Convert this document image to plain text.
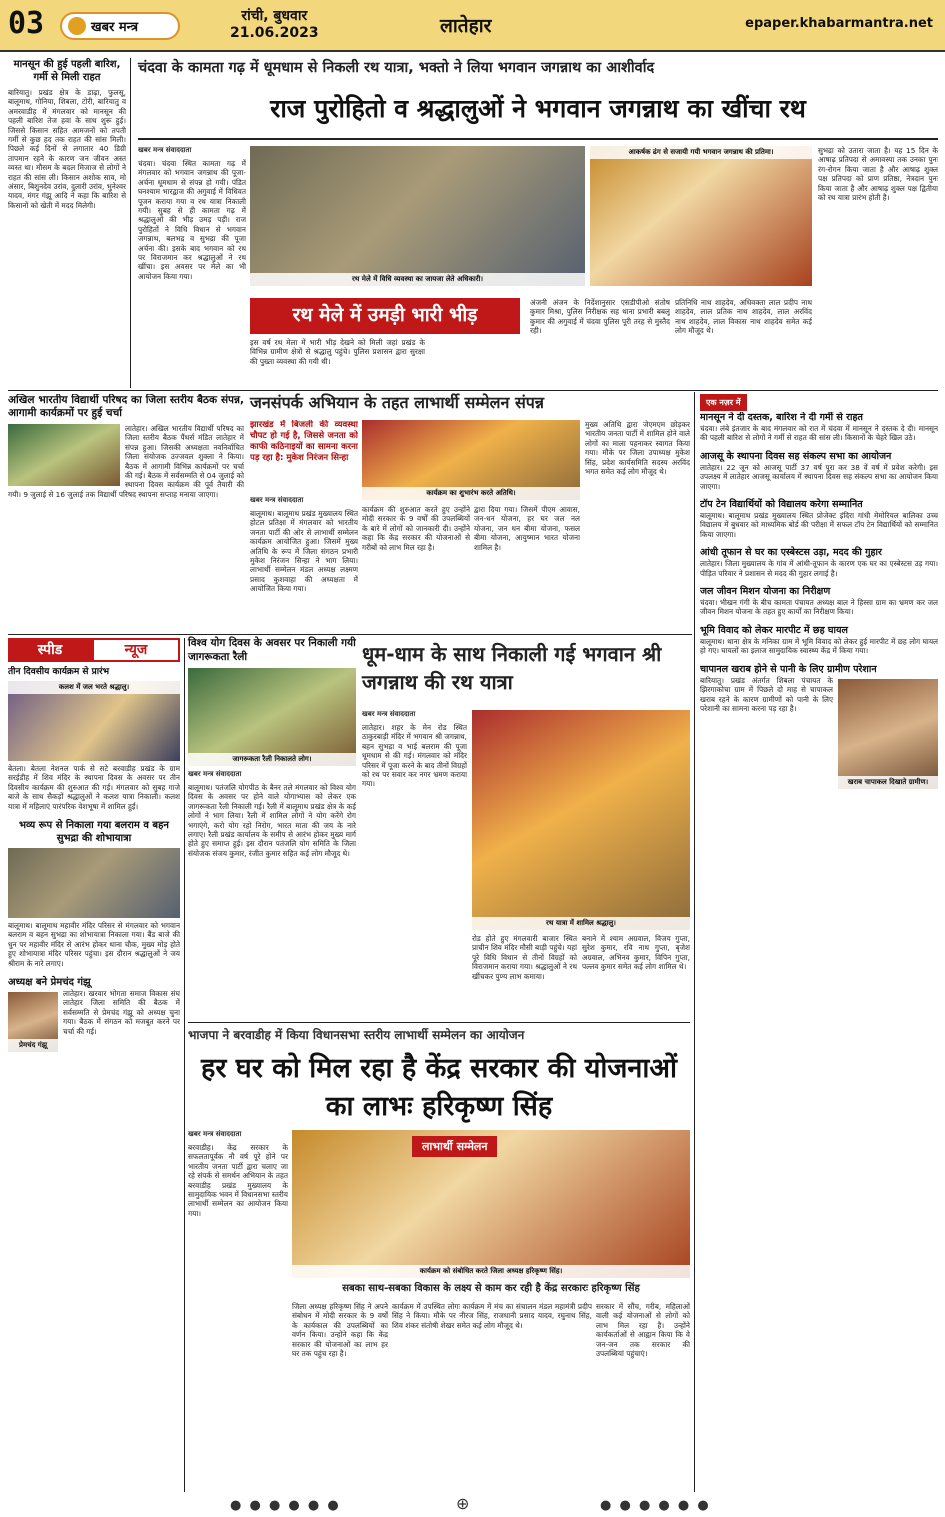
03	खबर मन्त्र
रांची, बुधवार
21.06.2023	लातेहार	epaper.khabarmantra.net
मानसून की हुई पहली बारिश, गर्मी से मिली राहत
बारियातु। प्रखंड क्षेत्र के डाढ़ा, फुलसू, बालूमाथ, गोनिया, शिबला, टोरी, बारियातु व अमरवाडीह में मंगलवार को मानसून की पहली बारिश तेज हवा के साथ शुरू हुई। जिससे किसान सहित आमजनों को तपती गर्मी से कुछ हद तक राहत की सांस मिली। पिछले कई दिनों से लगातार 40 डिग्री तापमान रहने के कारण जन जीवन अस्त व्यस्त था। मौसम के बदल मिजाज से लोगों ने राहत की सांस ली। किसान अशोक साव, मो अंसार, बिशुनदेव उरांव, दुलारी उरांव, भुनेश्वर यादव, मंगर गंझू आदि ने कहा कि बारिश से किसानों को खेती में मदद मिलेगी।
चंदवा के कामता गढ़ में धूमधाम से निकली रथ यात्रा, भक्तो ने लिया भगवान जगन्नाथ का आशीर्वाद
राज पुरोहितो व श्रद्धालुओं ने भगवान जगन्नाथ का खींचा रथ
खबर मन्त्र संवाददाता
चंदवा। चंदवा स्थित कामता गढ़ में मंगलवार को भगवान जगन्नाथ की पूजा-अर्चना धूमधाम से संपन्न हो गयी। पंडित घनश्याम भारद्वाज की अगुवाई में विधिवत पूजन कराया गया व रथ यात्रा निकाली गयी। सुबह से ही कामता गढ़ में श्रद्धालुओं की भीड़ उमड़ पड़ी। राज पुरोहितों ने विधि विधान से भगवान जगन्नाथ, बलभद्र व सुभद्रा की पूजा अर्चना की। इसके बाद भगवान को रथ पर विराजमान कर श्रद्धालुओं ने रथ खींचा। इस अवसर पर मेले का भी आयोजन किया गया।	रथ मेले में विधि व्यवस्था का जायजा लेते अधिकारी।
आकर्षक ढंग से सजायी गयी भगवान जगन्नाथ की प्रतिमा।	सुभद्रा को उतारा जाता है। यह 15 दिन के आषाढ़ प्रतिपदा से अमावस्या तक उनका पुनः रंग-रोगन किया जाता है और आषाढ़ शुक्ल पक्ष प्रतिपदा को प्राण प्रतिष्ठा, नेत्रदान पुनः किया जाता है और आषाढ़ शुक्ल पक्ष द्वितीया को रथ यात्रा प्रारंभ होती है।
रथ मेले में उमड़ी भारी भीड़
इस वर्ष रथ मेला में भारी भीड़ देखने को मिली जहां प्रखंड के विभिन्न ग्रामीण क्षेत्रों से श्रद्धालु पहुंचे। पुलिस प्रशासन द्वारा सुरक्षा की पुख्ता व्यवस्था की गयी थी।
अंजनी अंजन के निर्देशानुसार एसडीपीओ संतोष कुमार मिश्रा, पुलिस निरीक्षक सह थाना प्रभारी बबलू कुमार की अगुवाई में चंदवा पुलिस पूरी तरह से मुस्तैद रही।
प्रतिनिधि नाथ शाहदेव, अधिवक्ता लाल प्रदीप नाथ शाहदेव, लाल प्रतिक नाथ शाहदेव, लाल अरविंद नाथ शाहदेव, लाल विकास नाथ शाहदेव समेत कई लोग मौजूद थे।
अखिल भारतीय विद्यार्थी परिषद का जिला स्तरीय बैठक संपन्न, आगामी कार्यक्रमों पर हुई चर्चा
लातेहार। अखिल भारतीय विद्यार्थी परिषद का जिला स्तरीय बैठक पैंथर्स मंडित लातेहार में संपन्न हुआ। जिसकी अध्यक्षता नवनिर्वाचित जिला संयोजक उज्जवल शुक्ला ने किया। बैठक में आगामी विभिन्न कार्यक्रमों पर चर्चा की गई। बैठक में सर्वसम्मति से 04 जुलाई को स्थापना दिवस कार्यक्रम की पूर्व तैयारी की गयी। 9 जुलाई से 16 जुलाई तक विद्यार्थी परिषद स्थापना सप्ताह मनाया जाएगा।
जनसंपर्क अभियान के तहत लाभार्थी सम्मेलन संपन्न
झारखंड में बिजली की व्यवस्था चौपट हो गई है, जिससे जनता को काफी कठिनाइयों का सामना करना पड़ रहा है: मुकेश निरंजन सिन्हा
कार्यक्रम का शुभारंभ करते अतिथि।
खबर मन्त्र संवाददाता
बालूमाथ। बालूमाथ प्रखंड मुख्यालय स्थित होटल प्रतिक्षा में मंगलवार को भारतीय जनता पार्टी की ओर से लाभार्थी सम्मेलन कार्यक्रम आयोजित हुआ। जिसमें मुख्य अतिथि के रूप में जिला संगठन प्रभारी मुकेश निरंजन सिन्हा ने भाग लिया। लाभार्थी सम्मेलन मंडल अध्यक्ष लक्ष्मण प्रसाद कुशवाहा की अध्यक्षता में आयोजित किया गया।
कार्यक्रम की शुरुआत करते हुए उन्होंने मोदी सरकार के 9 वर्षों की उपलब्धियों के बारे में लोगों को जानकारी दी। उन्होंने कहा कि केंद्र सरकार की योजनाओं से गरीबों को लाभ मिल रहा है।
द्वारा दिया गया। जिसमें पीएम आवास, जन-धन योजना, हर घर जल नल योजना, जन धन बीमा योजना, फसल बीमा योजना, आयुष्मान भारत योजना शामिल है।
मुख्य अतिथि द्वारा जेएमएम छोड़कर भारतीय जनता पार्टी में शामिल होने वाले लोगों का माला पहनाकर स्वागत किया गया। मौके पर जिला उपाध्यक्ष मुकेश सिंह, प्रदेश कार्यसमिति सदस्य अरविंद भगत समेत कई लोग मौजूद थे।
एक नज़र में
मानसून ने दी दस्तक, बारिश ने दी गर्मी से राहत

चंदवा। लंबे इंतजार के बाद मंगलवार को रात में चंदवा में मानसून ने दस्तक दे दी। मानसून की पहली बारिश से लोगों ने गर्मी से राहत की सांस ली। किसानों के चेहरे खिल उठे।

आजसू के स्थापना दिवस सह संकल्प सभा का आयोजन

लातेहार। 22 जून को आजसू पार्टी 37 वर्ष पूरा कर 38 वें वर्ष में प्रवेश करेगी। इस उपलक्ष्य में लातेहार आजसू कार्यालय में स्थापना दिवस सह संकल्प सभा का आयोजन किया जाएगा।

टॉप टेन विद्यार्थियों को विद्यालय करेगा सम्मानित

बालूमाथ। बालूमाथ प्रखंड मुख्यालय स्थित प्रोजेक्ट इंदिरा गांधी मेमोरियल बालिका उच्च विद्यालय में बुधवार को माध्यमिक बोर्ड की परीक्षा में सफल टॉप टेन विद्यार्थियों को सम्मानित किया जाएगा।

आंधी तूफान से घर का एस्बेस्टस उड़ा, मदद की गुहार

लातेहार। जिला मुख्यालय के गांव में आंधी-तूफान के कारण एक घर का एस्बेस्टस उड़ गया। पीड़ित परिवार ने प्रशासन से मदद की गुहार लगाई है।

जल जीवन मिशन योजना का निरीक्षण

चंदवा। भीखन गंगी के बीच कामता पंचायत अध्यक्ष बाल ने हिस्सा ग्राम का भ्रमण कर जल जीवन मिशन योजना के तहत हुए कार्यों का निरीक्षण किया।

भूमि विवाद को लेकर मारपीट में छह घायल

बालूमाथ। थाना क्षेत्र के मनिका ग्राम में भूमि विवाद को लेकर हुई मारपीट में छह लोग घायल हो गए। घायलों का इलाज सामुदायिक स्वास्थ्य केंद्र में किया गया।

चापानल खराब होने से पानी के लिए ग्रामीण परेशान
खराब चापाकल दिखाते ग्रामीण।

बारियातु। प्रखंड अंतर्गत शिबला पंचायत के झिरगाकोचा ग्राम में पिछले दो माह से चापाकल खराब रहने के कारण ग्रामीणों को पानी के लिए परेशानी का सामना करना पड़ रहा है।

स्पीड	न्यूज
तीन दिवसीय कार्यक्रम से प्रारंभ
कलश में जल भरते श्रद्धालु।

बेतला। बेतला नेशनल पार्क से सटे बरवाडीह प्रखंड के ग्राम सरईडीह में शिव मंदिर के स्थापना दिवस के अवसर पर तीन दिवसीय कार्यक्रम की शुरुआत की गई। मंगलवार को सुबह गाजे बाजे के साथ सैकड़ों श्रद्धालुओं ने कलश यात्रा निकाली। कलश यात्रा में महिलाएं पारंपरिक वेशभूषा में शामिल हुईं।

भव्य रूप से निकाला गया बलराम व बहन सुभद्रा की शोभायात्रा

बालूमाथ। बालूमाथ महावीर मंदिर परिसर से मंगलवार को भगवान बलराम व बहन सुभद्रा का शोभायात्रा निकाला गया। बैंड बाजे की धुन पर महावीर मंदिर से आरंभ होकर थाना चौक, मुख्य मोड़ होते हुए शोभायात्रा मंदिर परिसर पहुंचा। इस दौरान श्रद्धालुओं ने जय श्रीराम के नारे लगाए।

अध्यक्ष बने प्रेमचंद गंझू
प्रेमचंद गंझू

लातेहार। खरवार भोगता समाज विकास संघ लातेहार जिला समिति की बैठक में सर्वसम्मति से प्रेमचंद गंझू को अध्यक्ष चुना गया। बैठक में संगठन को मजबूत करने पर चर्चा की गई।

विश्व योग दिवस के अवसर पर निकाली गयी जागरूकता रैली
जागरूकता रैली निकालते लोग।
खबर मन्त्र संवाददाता
बालूमाथ। पतंजलि योगपीठ के बैनर तले मंगलवार को विश्व योग दिवस के अवसर पर होने वाले योगाभ्यास को लेकर एक जागरूकता रैली निकाली गई। रैली में बालूमाथ प्रखंड क्षेत्र के कई लोगों ने भाग लिया। रैली में शामिल लोगों ने योग करेंगे रोग भगाएंगे, करो योग रहो निरोग, भारत माता की जय के नारे लगाए। रैली प्रखंड कार्यालय के समीप से आरंभ होकर मुख्य मार्ग होते हुए समाप्त हुई। इस दौरान पतंजलि योग समिति के जिला संयोजक संजय कुमार, रंजीत कुमार सहित कई लोग मौजूद थे।
धूम-धाम के साथ निकाली गई भगवान श्री जगन्नाथ की रथ यात्रा
खबर मन्त्र संवाददाता
लातेहार। शहर के मेन रोड स्थित ठाकुरबाड़ी मंदिर में भगवान श्री जगन्नाथ, बहन सुभद्रा व भाई बलराम की पूजा धूमधाम से की गई। मंगलवार को मंदिर परिसर में पूजा करने के बाद तीनों विग्रहों को रथ पर सवार कर नगर भ्रमण कराया गया।
रथ यात्रा में शामिल श्रद्धालु।
रोड होते हुए मंगलवारी बाजार स्थित प्राचीन शिव मंदिर मौसी बाड़ी पहुंचे। यहां पूरे विधि विधान से तीनों विग्रहों को विराजमान कराया गया। श्रद्धालुओं ने रथ खींचकर पुण्य लाभ कमाया।
बनाने में श्याम अग्रवाल, विजय गुप्ता, सुरेश कुमार, रवि नाथ गुप्ता, बृजेश अग्रवाल, अभिनव कुमार, विपिन गुप्ता, पल्लव कुमार समेत कई लोग शामिल थे।
भाजपा ने बरवाडीह में किया विधानसभा स्तरीय लाभार्थी सम्मेलन का आयोजन
हर घर को मिल रहा है केंद्र सरकार की योजनाओं का लाभः हरिकृष्ण सिंह
खबर मन्त्र संवाददाता
बरवाडीह। केंद्र सरकार के सफलतापूर्वक नौ वर्ष पूरे होने पर भारतीय जनता पार्टी द्वारा चलाए जा रहे संपर्क से समर्थन अभियान के तहत बरवाडीह प्रखंड मुख्यालय के सामुदायिक भवन में विधानसभा स्तरीय लाभार्थी सम्मेलन का आयोजन किया गया।
लाभार्थी सम्मेलन
कार्यक्रम को संबोधित करते जिला अध्यक्ष हरिकृष्ण सिंह।
सबका साथ-सबका विकास के लक्ष्य से काम कर रही है केंद्र सरकारः हरिकृष्ण सिंह
जिला अध्यक्ष हरिकृष्ण सिंह ने अपने संबोधन में मोदी सरकार के 9 वर्षों के कार्यकाल की उपलब्धियों का वर्णन किया। उन्होंने कहा कि केंद्र सरकार की योजनाओं का लाभ हर घर तक पहुंच रहा है।
कार्यक्रम में उपस्थित लोगः कार्यक्रम में मंच का संचालन मंडल महामंत्री प्रदीप सिंह ने किया। मौके पर नीरज सिंह, राजधानी प्रसाद यादव, रघुनाथ सिंह, शिव शंकर संतोषी शेखर समेत कई लोग मौजूद थे।
सरकार में सौंच, गरीब, महिलाओं वाली कई योजनाओं से लोगों को लाभ मिल रहा है। उन्होंने कार्यकर्ताओं से आह्वान किया कि वे जन-जन तक सरकार की उपलब्धियां पहुंचाएं।
● ● ● ● ● ●	⊕	● ● ● ● ● ●
